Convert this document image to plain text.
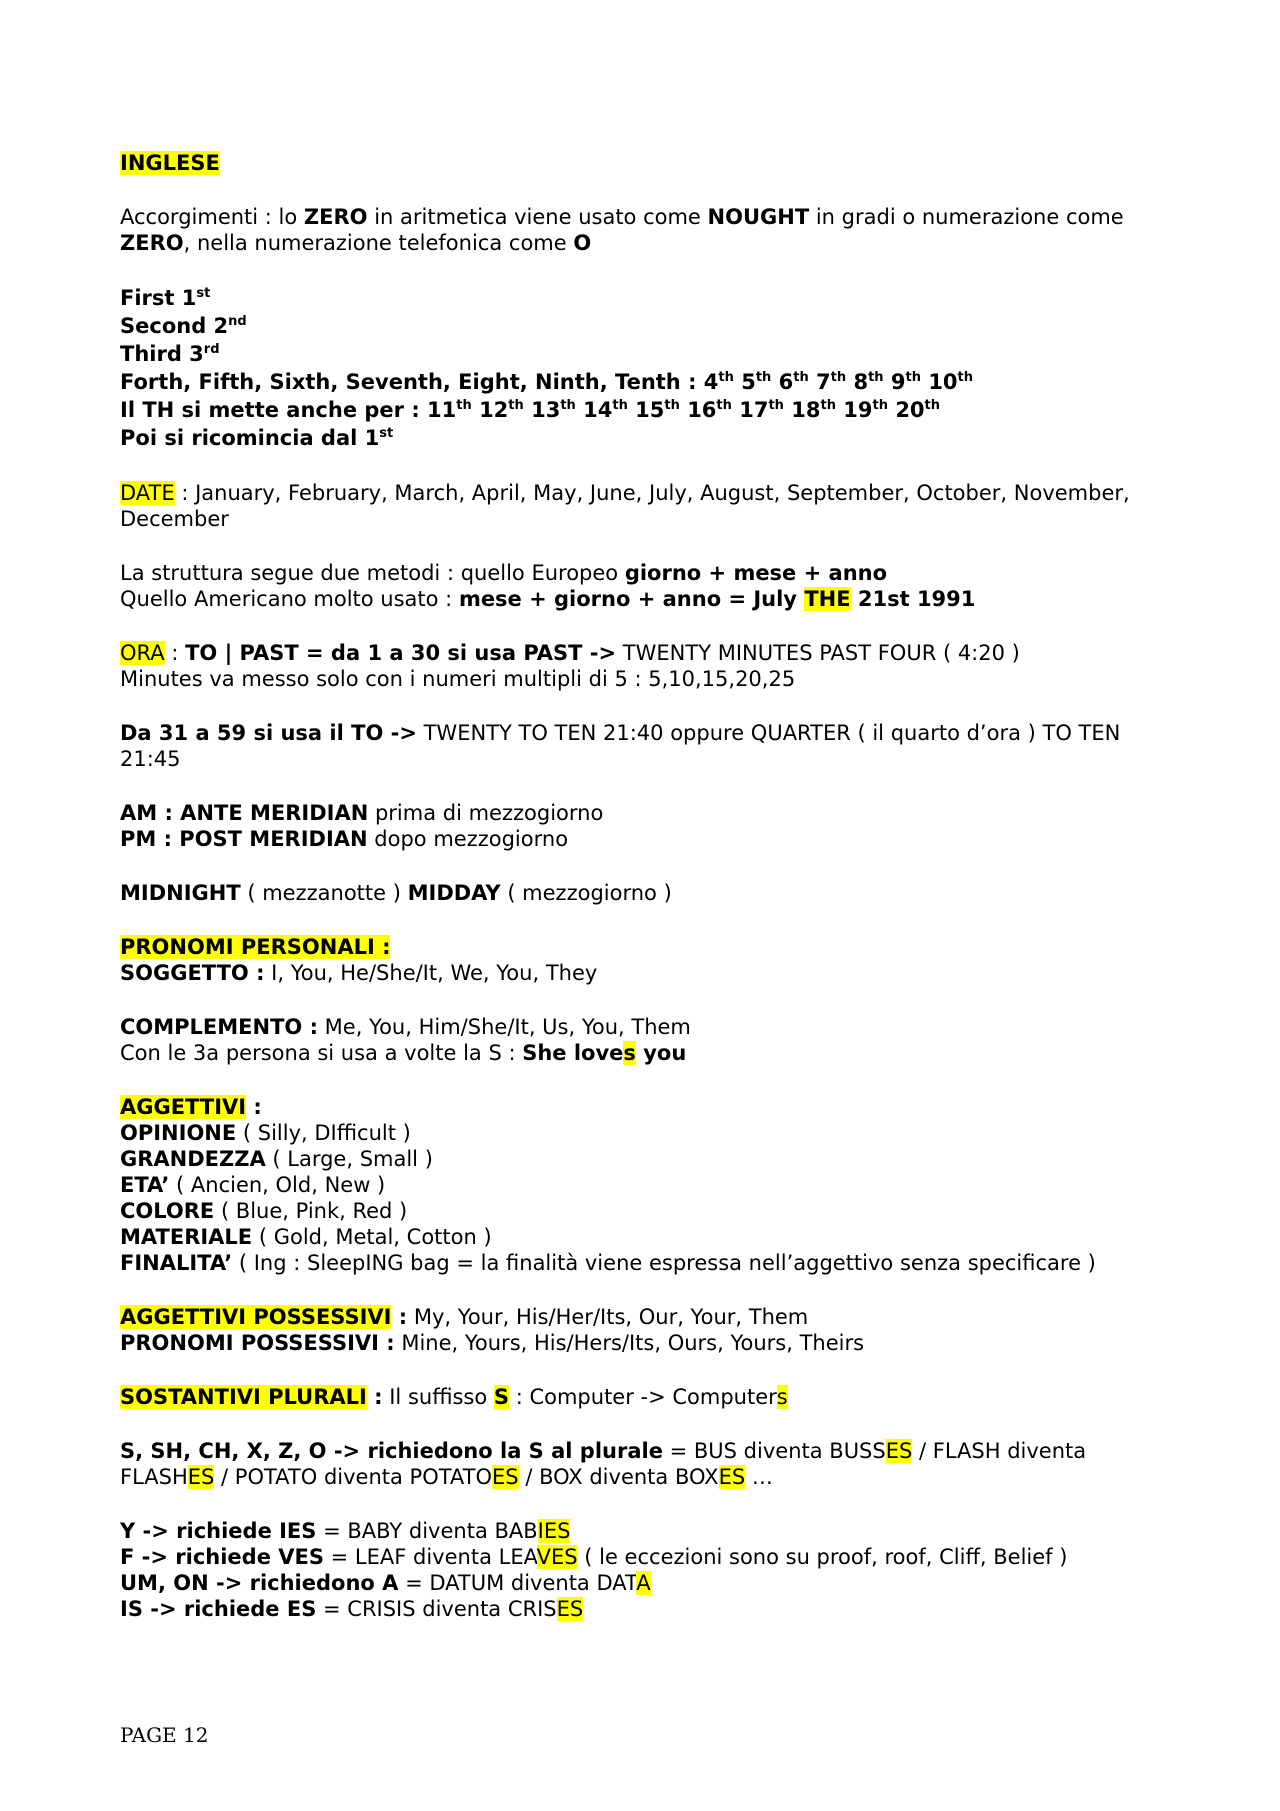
INGLESE

Accorgimenti : lo ZERO in aritmetica viene usato come NOUGHT in gradi o numerazione come ZERO, nella numerazione telefonica come O

First 1st
Second 2nd
Third 3rd
Forth, Fifth, Sixth, Seventh, Eight, Ninth, Tenth : 4th 5th 6th 7th 8th 9th 10th
Il TH si mette anche per : 11th 12th 13th 14th 15th 16th 17th 18th 19th 20th
Poi si ricomincia dal 1st

DATE : January, February, March, April, May, June, July, August, September, October, November, December

La struttura segue due metodi : quello Europeo giorno + mese + anno
Quello Americano molto usato : mese + giorno + anno = July THE 21st 1991

ORA : TO | PAST = da 1 a 30 si usa PAST -> TWENTY MINUTES PAST FOUR ( 4:20 )
Minutes va messo solo con i numeri multipli di 5 : 5,10,15,20,25

Da 31 a 59 si usa il TO -> TWENTY TO TEN 21:40 oppure QUARTER ( il quarto d’ora ) TO TEN 21:45

AM : ANTE MERIDIAN prima di mezzogiorno
PM : POST MERIDIAN dopo mezzogiorno

MIDNIGHT ( mezzanotte ) MIDDAY ( mezzogiorno )

PRONOMI PERSONALI :
SOGGETTO : I, You, He/She/It, We, You, They

COMPLEMENTO : Me, You, Him/She/It, Us, You, Them
Con le 3a persona si usa a volte la S : She loves you

AGGETTIVI :
OPINIONE ( Silly, DIfficult )
GRANDEZZA ( Large, Small )
ETA’ ( Ancien, Old, New )
COLORE ( Blue, Pink, Red )
MATERIALE ( Gold, Metal, Cotton )
FINALITA’ ( Ing : SleepING bag = la finalità viene espressa nell’aggettivo senza specificare )

AGGETTIVI POSSESSIVI : My, Your, His/Her/Its, Our, Your, Them
PRONOMI POSSESSIVI : Mine, Yours, His/Hers/Its, Ours, Yours, Theirs

SOSTANTIVI PLURALI : Il suffisso S : Computer -> Computers

S, SH, CH, X, Z, O -> richiedono la S al plurale = BUS diventa BUSSES / FLASH diventa FLASHES / POTATO diventa POTATOES / BOX diventa BOXES …

Y -> richiede IES = BABY diventa BABIES
F -> richiede VES = LEAF diventa LEAVES ( le eccezioni sono su proof, roof, Cliff, Belief )
UM, ON -> richiedono A = DATUM diventa DATA
IS -> richiede ES = CRISIS diventa CRISES

PAGE 12
